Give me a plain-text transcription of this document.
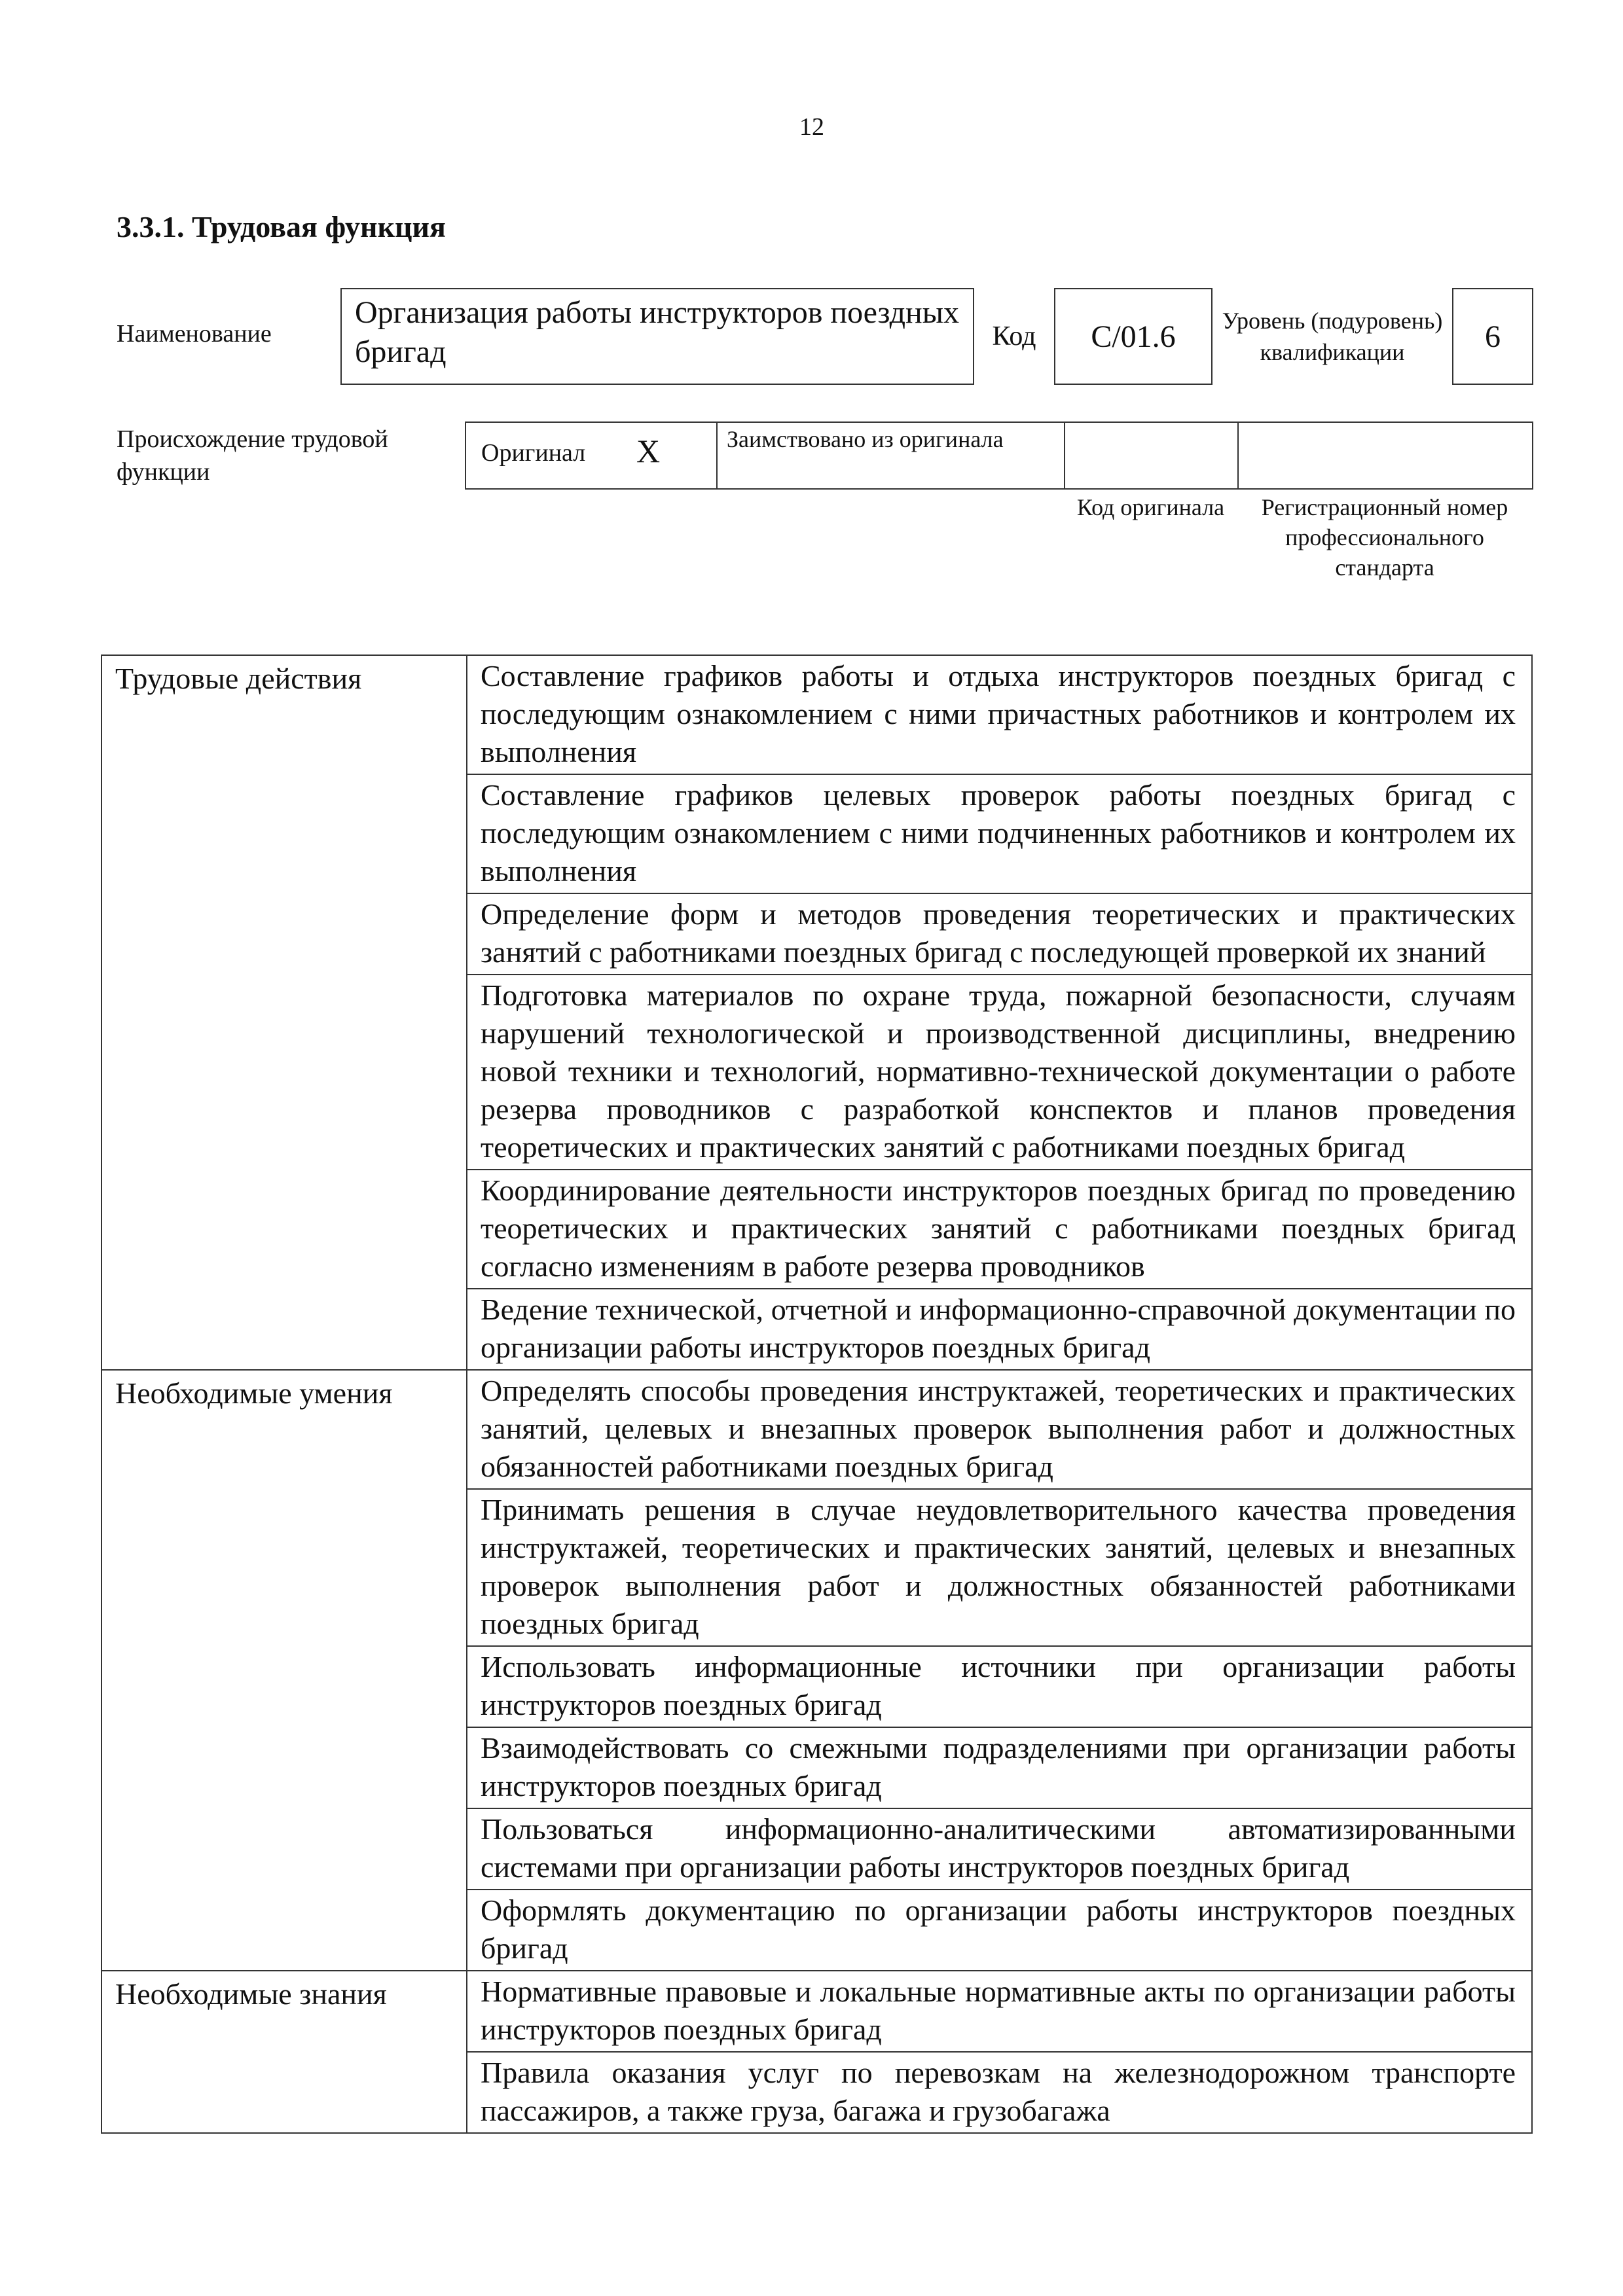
12
3.3.1. Трудовая функция
Наименование
Организация работы инструкторов поездных бригад	Код	С/01.6	Уровень (подуровень) квалификации	6
Происхождение трудовой функции
Оригинал X	Заимствовано из оригинала
Код оригинала	Регистрационный номер профессионального стандарта
Трудовые действия	Составление графиков работы и отдыха инструкторов поездных бригад с последующим ознакомлением с ними причастных работников и контролем их выполнения
	Составление графиков целевых проверок работы поездных бригад с последующим ознакомлением с ними подчиненных работников и контролем их выполнения
	Определение форм и методов проведения теоретических и практических занятий с работниками поездных бригад с последующей проверкой их знаний
	Подготовка материалов по охране труда, пожарной безопасности, случаям нарушений технологической и производственной дисциплины, внедрению новой техники и технологий, нормативно-технической документации о работе резерва проводников с разработкой конспектов и планов проведения теоретических и практических занятий с работниками поездных бригад
	Координирование деятельности инструкторов поездных бригад по проведению теоретических и практических занятий с работниками поездных бригад согласно изменениям в работе резерва проводников
	Ведение технической, отчетной и информационно-справочной документации по организации работы инструкторов поездных бригад
Необходимые умения	Определять способы проведения инструктажей, теоретических и практических занятий, целевых и внезапных проверок выполнения работ и должностных обязанностей работниками поездных бригад
	Принимать решения в случае неудовлетворительного качества проведения инструктажей, теоретических и практических занятий, целевых и внезапных проверок выполнения работ и должностных обязанностей работниками поездных бригад
	Использовать информационные источники при организации работы инструкторов поездных бригад
	Взаимодействовать со смежными подразделениями при организации работы инструкторов поездных бригад
	Пользоваться информационно-аналитическими автоматизированными системами при организации работы инструкторов поездных бригад
	Оформлять документацию по организации работы инструкторов поездных бригад
Необходимые знания	Нормативные правовые и локальные нормативные акты по организации работы инструкторов поездных бригад
	Правила оказания услуг по перевозкам на железнодорожном транспорте пассажиров, а также груза, багажа и грузобагажа
